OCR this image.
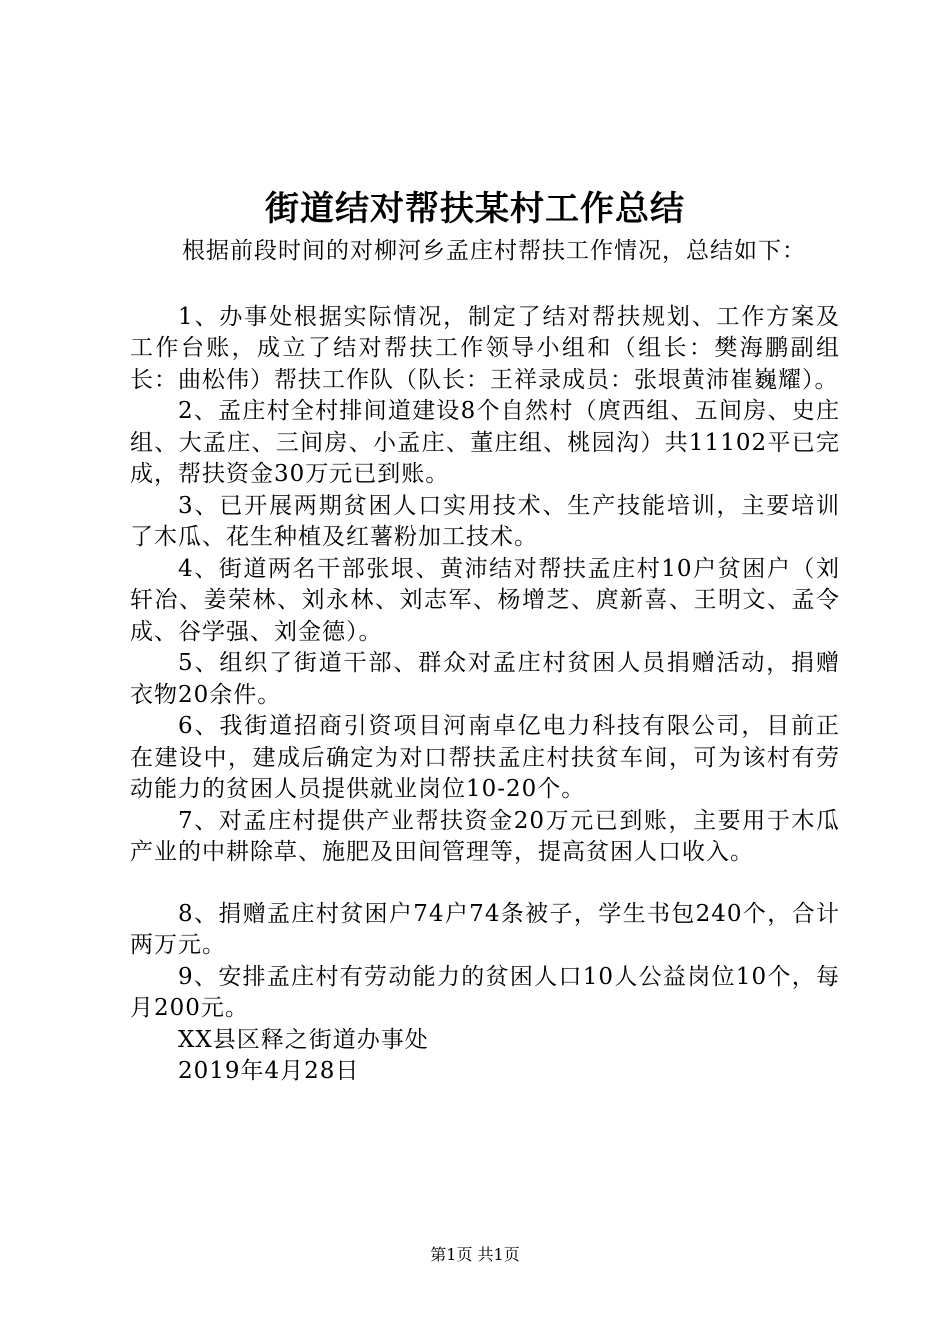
街道结对帮扶某村工作总结

根据前段时间的对柳河乡孟庄村帮扶工作情况，总结如下：

1、办事处根据实际情况，制定了结对帮扶规划、工作方案及工作台账，成立了结对帮扶工作领导小组和（组长：樊海鹏副组长：曲松伟）帮扶工作队（队长：王祥录成员：张垠黄沛崔巍耀）。

2、孟庄村全村排间道建设8个自然村（庹西组、五间房、史庄组、大孟庄、三间房、小孟庄、董庄组、桃园沟）共11102平已完成，帮扶资金30万元已到账。

3、已开展两期贫困人口实用技术、生产技能培训，主要培训了木瓜、花生种植及红薯粉加工技术。

4、街道两名干部张垠、黄沛结对帮扶孟庄村10户贫困户（刘轩冶、姜荣林、刘永林、刘志军、杨增芝、庹新喜、王明文、孟令成、谷学强、刘金德）。

5、组织了街道干部、群众对孟庄村贫困人员捐赠活动，捐赠衣物20余件。

6、我街道招商引资项目河南卓亿电力科技有限公司，目前正在建设中，建成后确定为对口帮扶孟庄村扶贫车间，可为该村有劳动能力的贫困人员提供就业岗位10-20个。

7、对孟庄村提供产业帮扶资金20万元已到账，主要用于木瓜产业的中耕除草、施肥及田间管理等，提高贫困人口收入。

8、捐赠孟庄村贫困户74户74条被子，学生书包240个，合计两万元。

9、安排孟庄村有劳动能力的贫困人口10人公益岗位10个，每月200元。

XX县区释之街道办事处

2019年4月28日

第1页 共1页
